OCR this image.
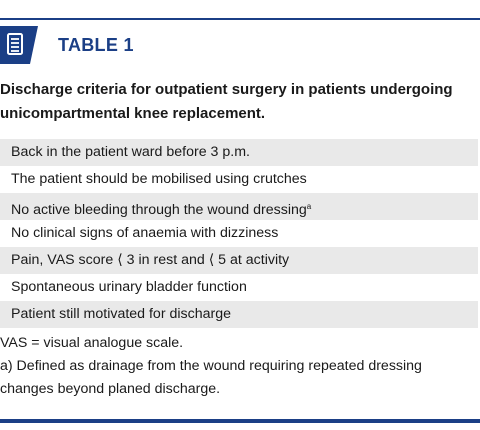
TABLE 1
Discharge criteria for outpatient surgery in patients undergoing unicompartmental knee replacement.
Back in the patient ward before 3 p.m.
The patient should be mobilised using crutches
No active bleeding through the wound dressing$^a$
No clinical signs of anaemia with dizziness
Pain, VAS score ⟨ 3 in rest and ⟨ 5 at activity
Spontaneous urinary bladder function
Patient still motivated for discharge
VAS = visual analogue scale.
a) Defined as drainage from the wound requiring repeated dressing
changes beyond planed discharge.
